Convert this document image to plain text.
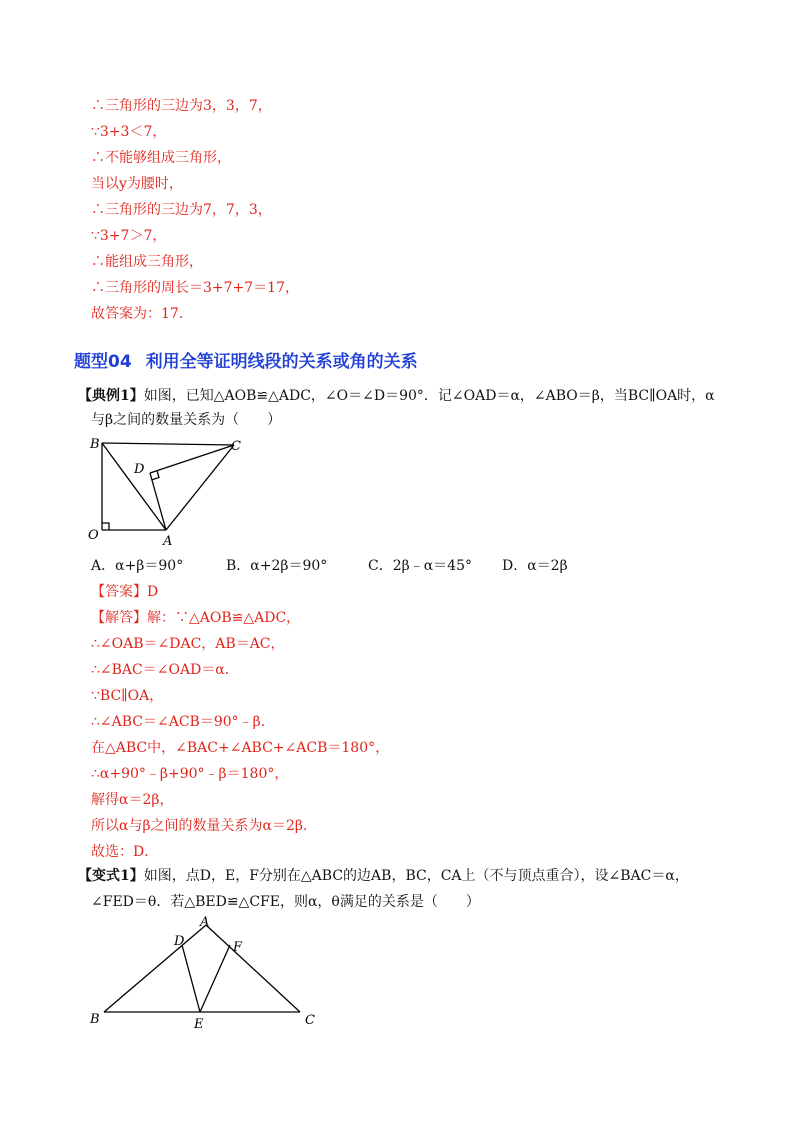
∴三角形的三边为3，3，7，
∵3+3＜7，
∴不能够组成三角形，
当以y为腰时，
∴三角形的三边为7，7，3，
∵3+7＞7，
∴能组成三角形，
∴三角形的周长＝3+7+7＝17，
故答案为：17.
题型04 利用全等证明线段的关系或角的关系
【典例1】如图，已知△AOB≌△ADC，∠O＝∠D＝90°．记∠OAD＝α，∠ABO＝β，当BC∥OA时，α
与β之间的数量关系为（　　）
B	C
D
O	A
A．α+β＝90°	B．α+2β＝90°	C．2β﹣α＝45° D．α＝2β
【答案】D
【解答】解：∵△AOB≌△ADC，
∴∠OAB＝∠DAC，AB＝AC，
∴∠BAC＝∠OAD＝α．
∵BC∥OA，
∴∠ABC＝∠ACB＝90°﹣β．
在△ABC中，∠BAC+∠ABC+∠ACB＝180°，
∴α+90°﹣β+90°﹣β＝180°，
解得α＝2β，
所以α与β之间的数量关系为α＝2β．
故选：D．
【变式1】如图，点D，E，F分别在△ABC的边AB，BC，CA上（不与顶点重合），设∠BAC＝α，
∠FED＝θ．若△BED≌△CFE，则α，θ满足的关系是（　　）
A
D	F
B	E	C
